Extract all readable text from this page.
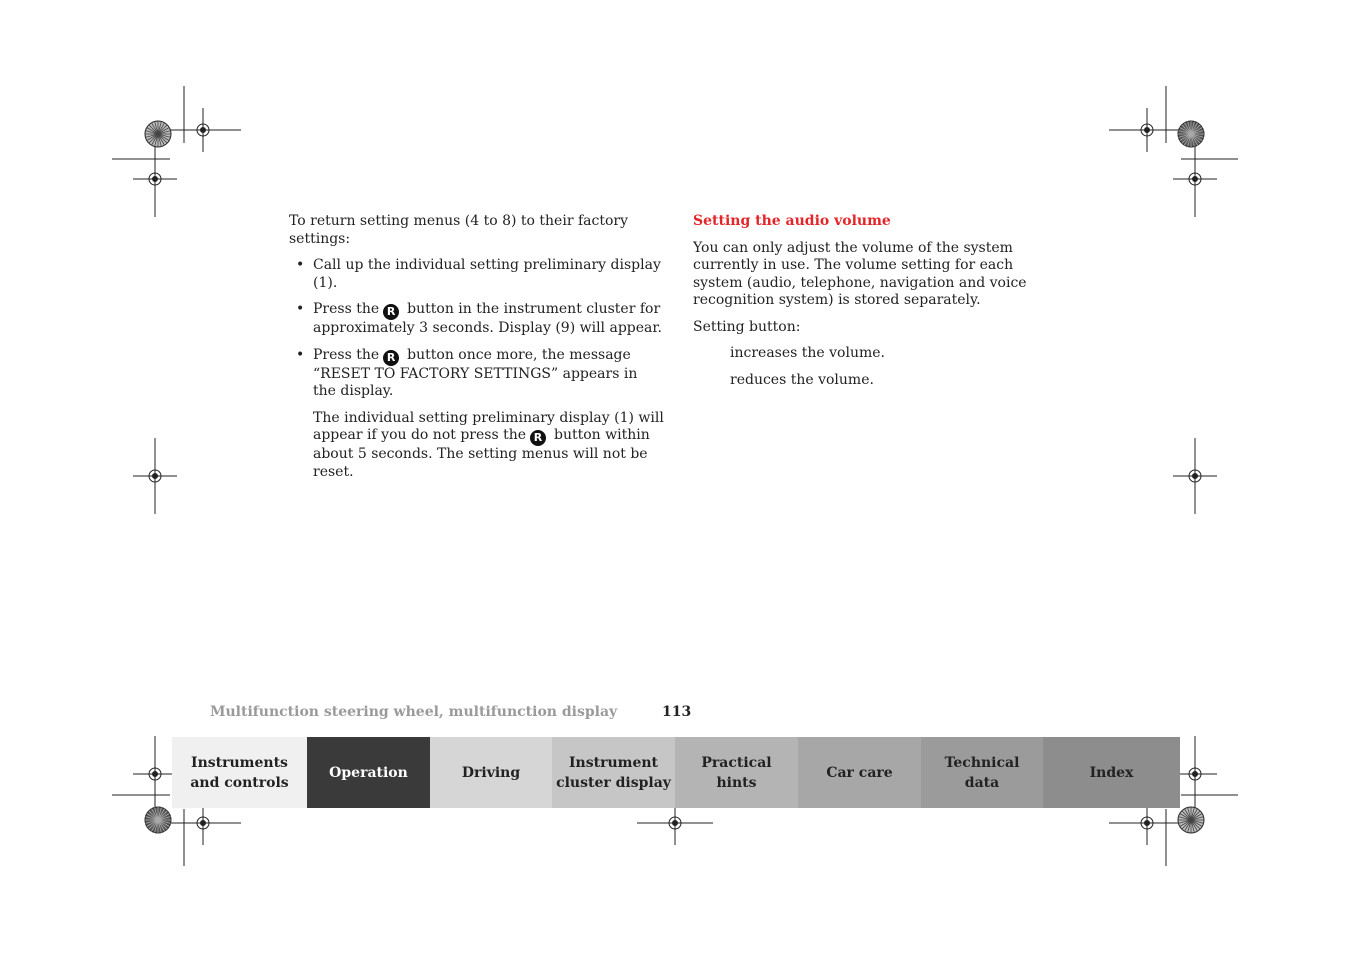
To return setting menus (4 to 8) to their factory settings:

• Call up the individual setting preliminary display (1).
• Press the R button in the instrument cluster for approximately 3 seconds. Display (9) will appear.
• Press the R button once more, the message “RESET TO FACTORY SETTINGS” appears in the display.

The individual setting preliminary display (1) will appear if you do not press the R button within about 5 seconds. The setting menus will not be reset.

Setting the audio volume

You can only adjust the volume of the system currently in use. The volume setting for each system (audio, telephone, navigation and voice recognition system) is stored separately.

Setting button:

increases the volume.

reduces the volume.

Multifunction steering wheel, multifunction display	113
Instruments
and controls
Operation	Driving
Instrument
cluster display
Practical hints
Car care
Technical
data
Index
